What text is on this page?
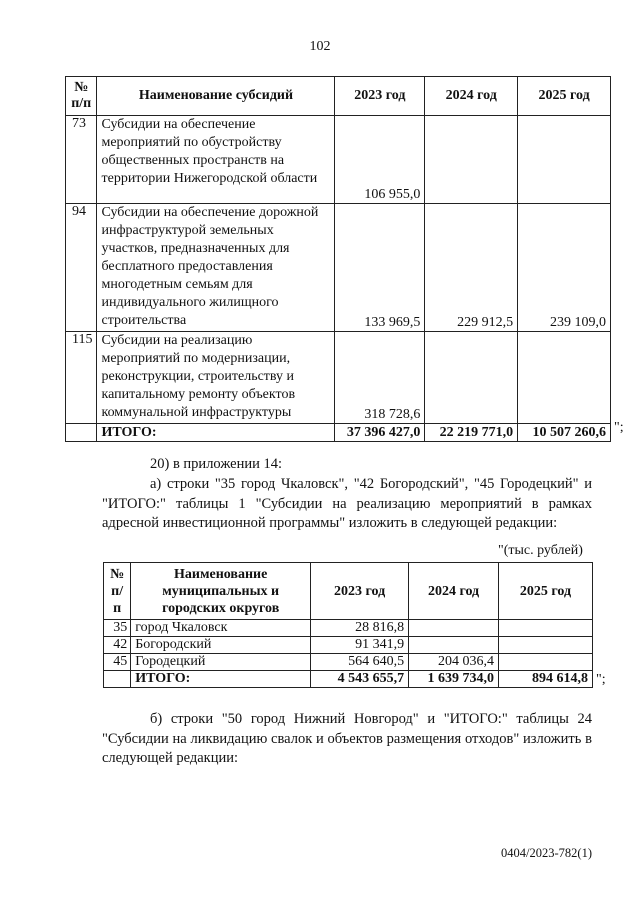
102
№ п/п	Наименование субсидий	2023 год	2024 год	2025 год
73	Субсидии на обеспечение мероприятий по обустройству общественных пространств на территории Нижегородской области	106 955,0		
94	Субсидии на обеспечение дорожной инфраструктурой земельных участков, предназначенных для бесплатного предоставления многодетным семьям для индивидуального жилищного строительства	133 969,5	229 912,5	239 109,0
115	Субсидии на реализацию мероприятий по модернизации, реконструкции, строительству и капитальному ремонту объектов коммунальной инфраструктуры	318 728,6		
	ИТОГО:	37 396 427,0	22 219 771,0	10 507 260,6 ";
20) в приложении 14:
а) строки "35 город Чкаловск", "42 Богородский", "45 Городецкий" и "ИТОГО:" таблицы 1 "Субсидии на реализацию мероприятий в рамках адресной инвестиционной программы" изложить в следующей редакции:
"(тыс. рублей)
№ п/п	Наименование муниципальных и городских округов	2023 год	2024 год	2025 год
35	город Чкаловск	28 816,8		
42	Богородский	91 341,9		
45	Городецкий	564 640,5	204 036,4	
	ИТОГО:	4 543 655,7	1 639 734,0	894 614,8 ";
б) строки "50 город Нижний Новгород" и "ИТОГО:" таблицы 24 "Субсидии на ликвидацию свалок и объектов размещения отходов" изложить в следующей редакции:
0404/2023-782(1)
